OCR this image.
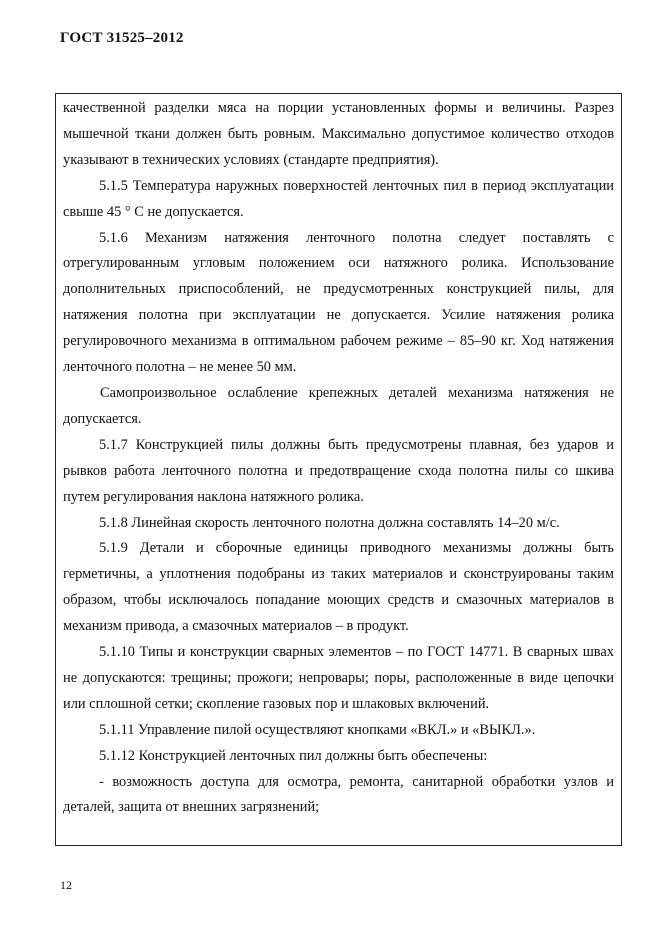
ГОСТ 31525–2012

качественной разделки мяса на порции установленных формы и величины. Разрез мышечной ткани должен быть ровным. Максимально допустимое количество отходов указывают в технических условиях (стандарте предприятия).

5.1.5 Температура наружных поверхностей ленточных пил в период эксплуатации свыше 45 ° С не допускается.

5.1.6 Механизм натяжения ленточного полотна следует поставлять с отрегулированным угловым положением оси натяжного ролика. Использование дополнительных приспособлений, не предусмотренных конструкцией пилы, для натяжения полотна при эксплуатации не допускается. Усилие натяжения ролика регулировочного механизма в оптимальном рабочем режиме – 85–90 кг. Ход натяжения ленточного полотна – не менее 50 мм.

Самопроизвольное ослабление крепежных деталей механизма натяжения не допускается.

5.1.7 Конструкцией пилы должны быть предусмотрены плавная, без ударов и рывков работа ленточного полотна и предотвращение схода полотна пилы со шкива путем регулирования наклона натяжного ролика.

5.1.8 Линейная скорость ленточного полотна должна составлять 14–20 м/с.

5.1.9 Детали и сборочные единицы приводного механизмы должны быть герметичны, а уплотнения подобраны из таких материалов и сконструированы таким образом, чтобы исключалось попадание моющих средств и смазочных материалов в механизм привода, а смазочных материалов – в продукт.

5.1.10 Типы и конструкции сварных элементов – по ГОСТ 14771. В сварных швах не допускаются: трещины; прожоги; непровары; поры, расположенные в виде цепочки или сплошной сетки; скопление газовых пор и шлаковых включений.

5.1.11 Управление пилой осуществляют кнопками «ВКЛ.» и «ВЫКЛ.».

5.1.12 Конструкцией ленточных пил должны быть обеспечены:

- возможность доступа для осмотра, ремонта, санитарной обработки узлов и деталей, защита от внешних загрязнений;

12
